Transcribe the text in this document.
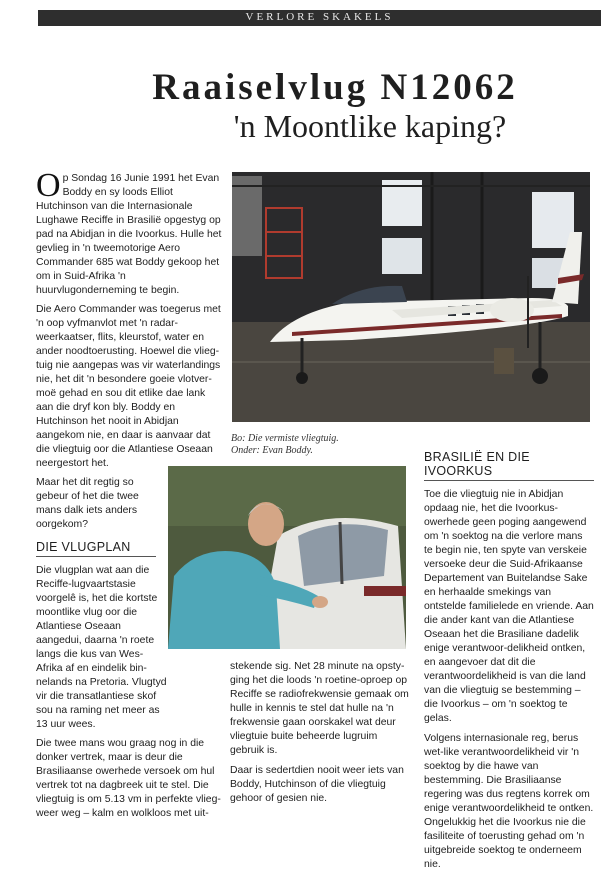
VERLORE SKAKELS
Raaiselvlug N12062
'n Moontlike kaping?

Op Sondag 16 Junie 1991 het Evan Boddy en sy loods Elliot Hutchinson van die Internasionale Lughawe Reciffe in Brasilië opgestyg op pad na Abidjan in die Ivoorkus. Hulle het gevlieg in 'n tweemotorige Aero Commander 685 wat Boddy gekoop het om in Suid-Afrika 'n huurvlugonderneming te begin.

Die Aero Commander was toegerus met 'n oop vyfmanvlot met 'n radar-weerkaatser, flits, kleurstof, water en ander noodtoerusting. Hoewel die vlieg-tuig nie aangepas was vir waterlandings nie, het dit 'n besondere goeie vlotver-moë gehad en sou dit etlike dae lank aan die dryf kon bly. Boddy en Hutchinson het nooit in Abidjan aangekom nie, en daar is aanvaar dat die vliegtuig oor die Atlantiese Oseaan neergestort het.

Maar het dit regtig so gebeur of het die twee mans dalk iets anders oorgekom?

DIE VLUGPLAN

Die vlugplan wat aan die Reciffe-lugvaartstasie voorgelê is, het die kortste moontlike vlug oor die Atlantiese Oseaan aangedui, daarna 'n roete langs die kus van Wes-Afrika af en eindelik bin-nelands na Pretoria. Vlugtyd vir die transatlantiese skof sou na raming net meer as 13 uur wees.

Die twee mans wou graag nog in die donker vertrek, maar is deur die Brasiliaanse owerhede versoek om hul vertrek tot na dagbreek uit te stel. Die vliegtuig is om 5.13 vm in perfekte vlieg-weer weg – kalm en wolkloos met uit-

Bo: Die vermiste vliegtuig.
Onder: Evan Boddy.

stekende sig. Net 28 minute na opsty-ging het die loods 'n roetine-oproep op Reciffe se radiofrekwensie gemaak om hulle in kennis te stel dat hulle na 'n frekwensie gaan oorskakel wat deur vliegtuie buite beheerde lugruim gebruik is.

Daar is sedertdien nooit weer iets van Boddy, Hutchinson of die vliegtuig gehoor of gesien nie.

BRASILIË EN DIE IVOORKUS

Toe die vliegtuig nie in Abidjan opdaag nie, het die Ivoorkus-owerhede geen poging aangewend om 'n soektog na die verlore mans te begin nie, ten spyte van verskeie versoeke deur die Suid-Afrikaanse Departement van Buitelandse Sake en herhaalde smekings van ontstelde familielede en vriende. Aan die ander kant van die Atlantiese Oseaan het die Brasiliane dadelik enige verantwoor-delikheid ontken, en aangevoer dat dit die verantwoordelikheid is van die land van die vliegtuig se bestemming – die Ivoorkus – om 'n soektog te gelas.

Volgens internasionale reg, berus wet-like verantwoordelikheid vir 'n soektog by die hawe van bestemming. Die Brasiliaanse regering was dus regtens korrek om enige verantwoordelikheid te ontken. Ongelukkig het die Ivoorkus nie die fasiliteite of toerusting gehad om 'n uitgebreide soektog te onderneem nie.
